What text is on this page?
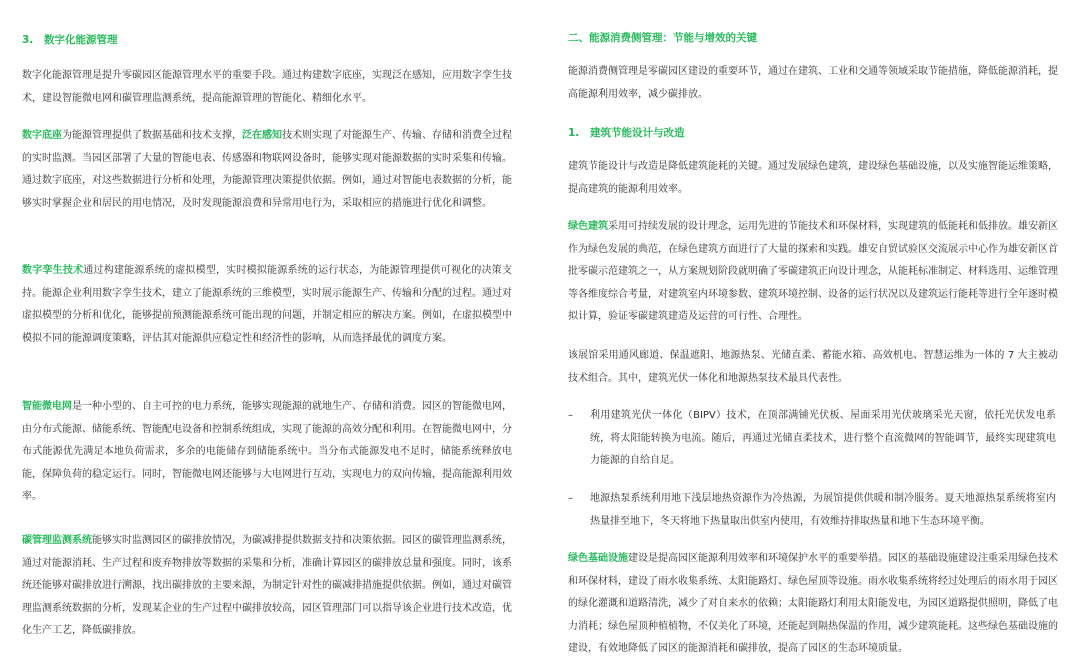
3. 数字化能源管理

数字化能源管理是提升零碳园区能源管理水平的重要手段。通过构建数字底座，实现泛在感知，应用数字孪生技术，建设智能微电网和碳管理监测系统，提高能源管理的智能化、精细化水平。

数字底座为能源管理提供了数据基础和技术支撑，泛在感知技术则实现了对能源生产、传输、存储和消费全过程的实时监测。当园区部署了大量的智能电表、传感器和物联网设备时，能够实现对能源数据的实时采集和传输。通过数字底座，对这些数据进行分析和处理，为能源管理决策提供依据。例如，通过对智能电表数据的分析，能够实时掌握企业和居民的用电情况，及时发现能源浪费和异常用电行为，采取相应的措施进行优化和调整。

数字孪生技术通过构建能源系统的虚拟模型，实时模拟能源系统的运行状态，为能源管理提供可视化的决策支持。能源企业利用数字孪生技术，建立了能源系统的三维模型，实时展示能源生产、传输和分配的过程。通过对虚拟模型的分析和优化，能够提前预测能源系统可能出现的问题，并制定相应的解决方案。例如，在虚拟模型中模拟不同的能源调度策略，评估其对能源供应稳定性和经济性的影响，从而选择最优的调度方案。

智能微电网是一种小型的、自主可控的电力系统，能够实现能源的就地生产、存储和消费。园区的智能微电网，由分布式能源、储能系统、智能配电设备和控制系统组成，实现了能源的高效分配和利用。在智能微电网中，分布式能源优先满足本地负荷需求，多余的电能储存到储能系统中。当分布式能源发电不足时，储能系统释放电能，保障负荷的稳定运行。同时，智能微电网还能够与大电网进行互动，实现电力的双向传输，提高能源利用效率。

碳管理监测系统能够实时监测园区的碳排放情况，为碳减排提供数据支持和决策依据。园区的碳管理监测系统，通过对能源消耗、生产过程和废弃物排放等数据的采集和分析，准确计算园区的碳排放总量和强度。同时，该系统还能够对碳排放进行溯源，找出碳排放的主要来源，为制定针对性的碳减排措施提供依据。例如，通过对碳管理监测系统数据的分析，发现某企业的生产过程中碳排放较高，园区管理部门可以指导该企业进行技术改造，优化生产工艺，降低碳排放。

二、能源消费侧管理：节能与增效的关键

能源消费侧管理是零碳园区建设的重要环节，通过在建筑、工业和交通等领域采取节能措施，降低能源消耗，提高能源利用效率，减少碳排放。

1. 建筑节能设计与改造

建筑节能设计与改造是降低建筑能耗的关键。通过发展绿色建筑，建设绿色基础设施，以及实施智能运维策略，提高建筑的能源利用效率。

绿色建筑采用可持续发展的设计理念，运用先进的节能技术和环保材料，实现建筑的低能耗和低排放。雄安新区作为绿色发展的典范，在绿色建筑方面进行了大量的探索和实践。雄安自贸试验区交流展示中心作为雄安新区首批零碳示范建筑之一，从方案规划阶段就明确了零碳建筑正向设计理念，从能耗标准制定、材料选用、运维管理等各维度综合考量，对建筑室内环境参数、建筑环境控制、设备的运行状况以及建筑运行能耗等进行全年逐时模拟计算，验证零碳建筑建造及运营的可行性、合理性。

该展馆采用通风廊道、保温遮阳、地源热泵、光储直柔、蓄能水箱、高效机电、智慧运维为一体的 7 大主被动技术组合。其中，建筑光伏一体化和地源热泵技术最具代表性。

– 利用建筑光伏一体化（BIPV）技术，在顶部满铺光伏板、屋面采用光伏玻璃采光天窗，依托光伏发电系统，将太阳能转换为电流。随后，再通过光储直柔技术，进行整个直流微网的智能调节，最终实现建筑电力能源的自给自足。

– 地源热泵系统利用地下浅层地热资源作为冷热源，为展馆提供供暖和制冷服务。夏天地源热泵系统将室内热量排至地下，冬天将地下热量取出供室内使用，有效维持排取热量和地下生态环境平衡。

绿色基础设施建设是提高园区能源利用效率和环境保护水平的重要举措。园区的基础设施建设注重采用绿色技术和环保材料，建设了雨水收集系统、太阳能路灯、绿色屋顶等设施。雨水收集系统将经过处理后的雨水用于园区的绿化灌溉和道路清洗，减少了对自来水的依赖；太阳能路灯利用太阳能发电，为园区道路提供照明，降低了电力消耗；绿色屋顶种植植物，不仅美化了环境，还能起到隔热保温的作用，减少建筑能耗。这些绿色基础设施的建设，有效地降低了园区的能源消耗和碳排放，提高了园区的生态环境质量。
